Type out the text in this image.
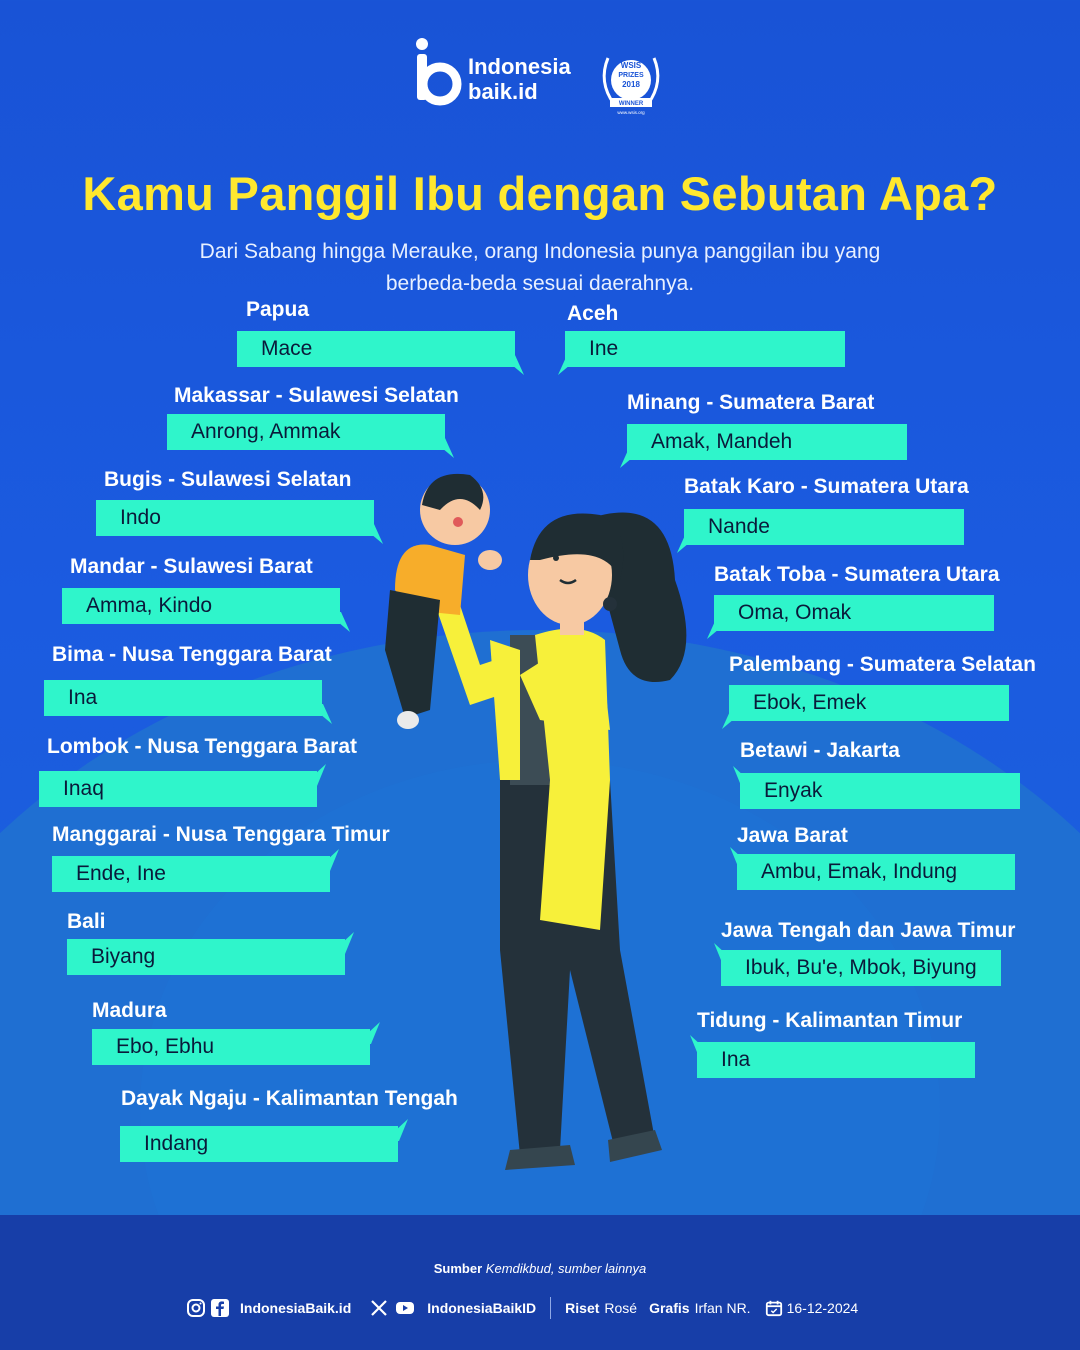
Indonesia
baik.id
WSIS
PRIZES
2018
WINNER
www.wsis.org
Kamu Panggil Ibu dengan Sebutan Apa?
Dari Sabang hingga Merauke, orang Indonesia punya panggilan ibu yang
berbeda-beda sesuai daerahnya.
Papua
Mace
Makassar - Sulawesi Selatan
Anrong, Ammak
Bugis - Sulawesi Selatan
Indo
Mandar - Sulawesi Barat
Amma, Kindo
Bima - Nusa Tenggara Barat
Ina
Lombok - Nusa Tenggara Barat
Inaq
Manggarai - Nusa Tenggara Timur
Ende, Ine
Bali
Biyang
Madura
Ebo, Ebhu
Dayak Ngaju - Kalimantan Tengah
Indang
Aceh
Ine
Minang - Sumatera Barat
Amak, Mandeh
Batak Karo - Sumatera Utara
Nande
Batak Toba - Sumatera Utara
Oma, Omak
Palembang - Sumatera Selatan
Ebok, Emek
Betawi - Jakarta
Enyak
Jawa Barat
Ambu, Emak, Indung
Jawa Tengah dan Jawa Timur
Ibuk, Bu'e, Mbok, Biyung
Tidung - Kalimantan Timur
Ina
Sumber Kemdikbud, sumber lainnya
IndonesiaBaik.id	IndonesiaBaikID Riset Rosé Grafis Irfan NR.	16-12-2024
